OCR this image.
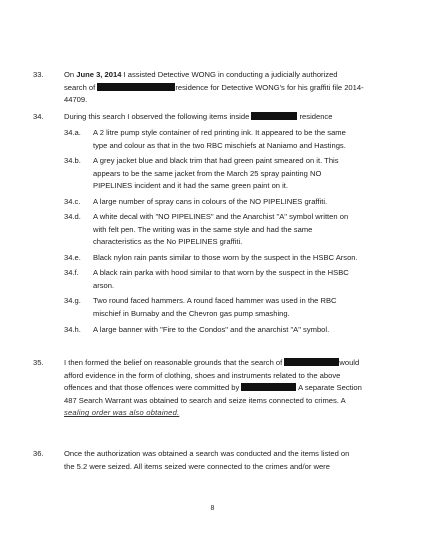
33.	On June 3, 2014 I assisted Detective WONG in conducting a judicially authorized
search of	residence for Detective WONG's for his graffiti file 2014-44709.
34.	During this search I observed the following items inside	residence
34.a. A 2 litre pump style container of red printing ink. It appeared to be the same
type and colour as that in the two RBC mischiefs at Naniamo and Hastings.
34.b. A grey jacket blue and black trim that had green paint smeared on it. This
appears to be the same jacket from the March 25 spray painting NO
PIPELINES incident and it had the same green paint on it.
34.c. A large number of spray cans in colours of the NO PIPELINES graffiti.
34.d. A white decal with "NO PIPELINES" and the Anarchist "A" symbol written on
with felt pen. The writing was in the same style and had the same
characteristics as the No PIPELINES graffiti.
34.e. Black nylon rain pants similar to those worn by the suspect in the HSBC Arson.
34.f. A black rain parka with hood similar to that worn by the suspect in the HSBC
arson.
34.g. Two round faced hammers. A round faced hammer was used in the RBC
mischief in Burnaby and the Chevron gas pump smashing.
34.h. A large banner with "Fire to the Condos" and the anarchist "A" symbol.
35.	I then formed the belief on reasonable grounds that the search of	would
afford evidence in the form of clothing, shoes and instruments related to the above
offences and that those offences were committed by	A separate Section
487 Search Warrant was obtained to search and seize items connected to crimes. A
sealing order was also obtained.
36.	Once the authorization was obtained a search was conducted and the items listed on
the 5.2 were seized. All items seized were connected to the crimes and/or were
8
